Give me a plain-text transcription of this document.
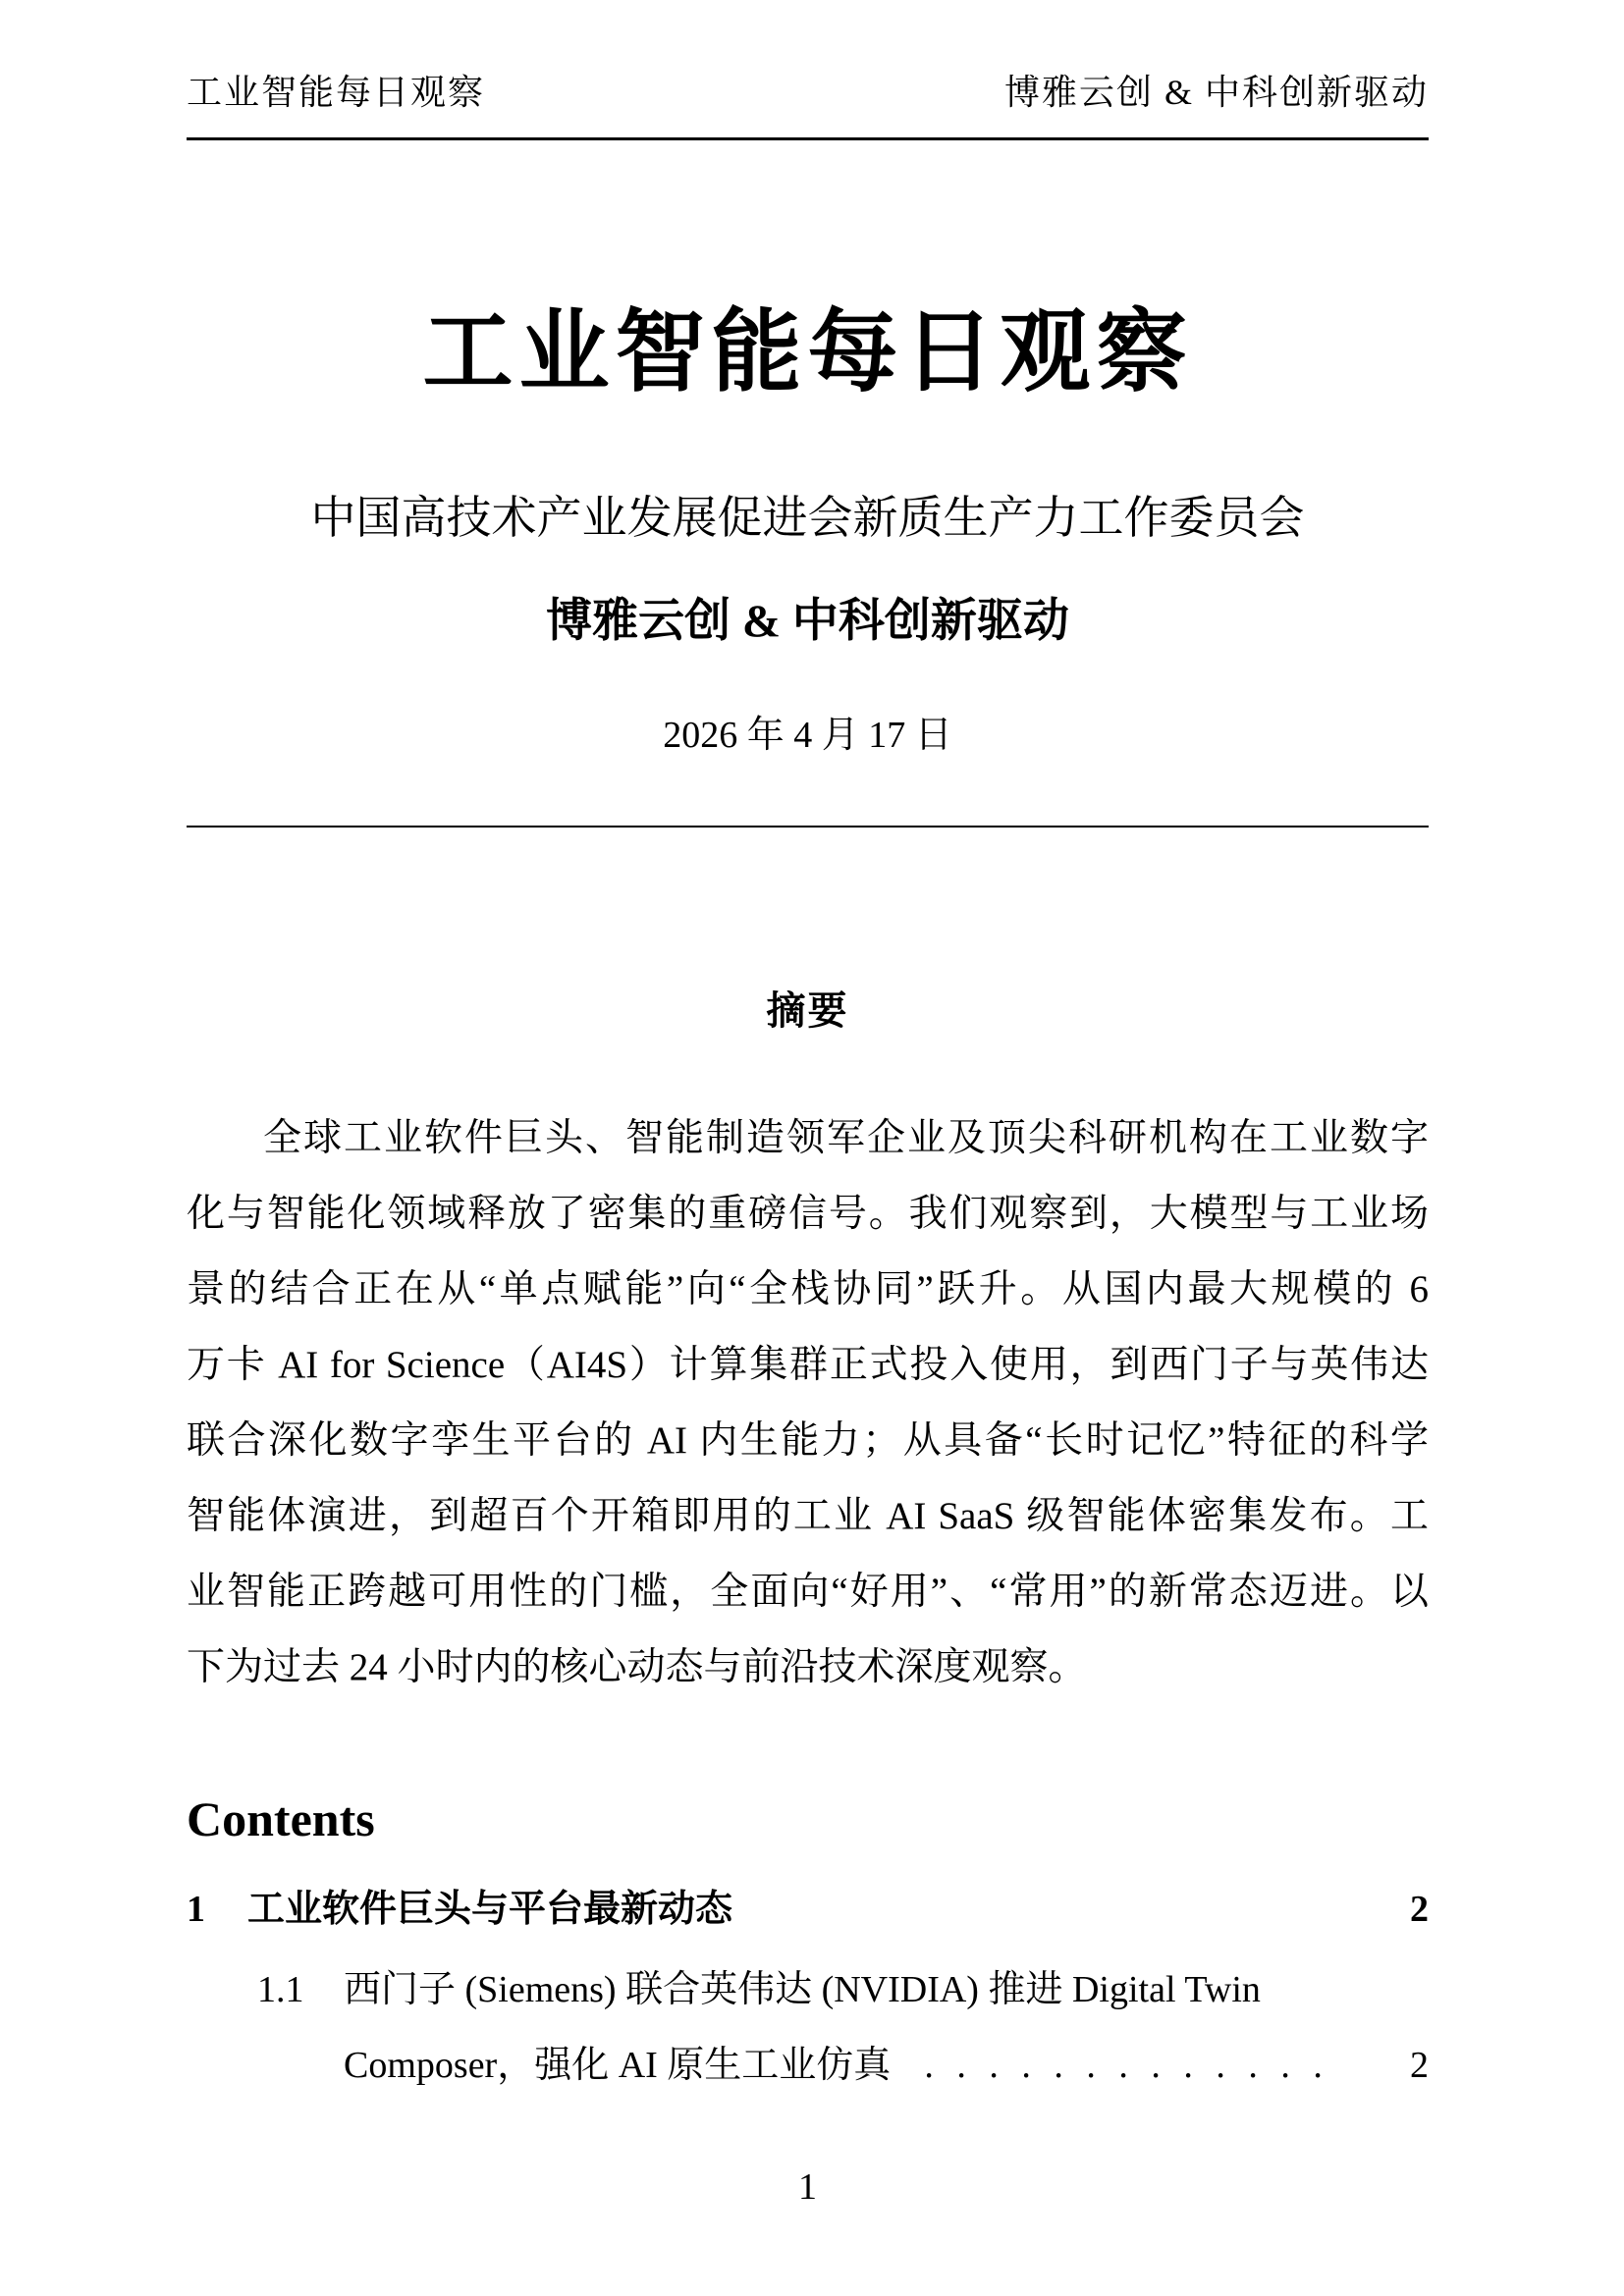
工业智能每日观察	博雅云创 & 中科创新驱动
工业智能每日观察
中国高技术产业发展促进会新质生产力工作委员会
博雅云创 & 中科创新驱动
2026 年 4 月 17 日
摘要
全球工业软件巨头、智能制造领军企业及顶尖科研机构在工业数字
化与智能化领域释放了密集的重磅信号。我们观察到，大模型与工业场
景的结合正在从“单点赋能”向“全栈协同”跃升。从国内最大规模的 6
万卡 AI for Science（AI4S）计算集群正式投入使用，到西门子与英伟达
联合深化数字孪生平台的 AI 内生能力；从具备“长时记忆”特征的科学
智能体演进，到超百个开箱即用的工业 AI SaaS 级智能体密集发布。工
业智能正跨越可用性的门槛，全面向“好用”、“常用”的新常态迈进。以
下为过去 24 小时内的核心动态与前沿技术深度观察。
Contents
1	工业软件巨头与平台最新动态	2
1.1	西门子 (Siemens) 联合英伟达 (NVIDIA) 推进 Digital Twin
Composer，强化 AI 原生工业仿真 . . . . . . . . . . . . .	2
1
